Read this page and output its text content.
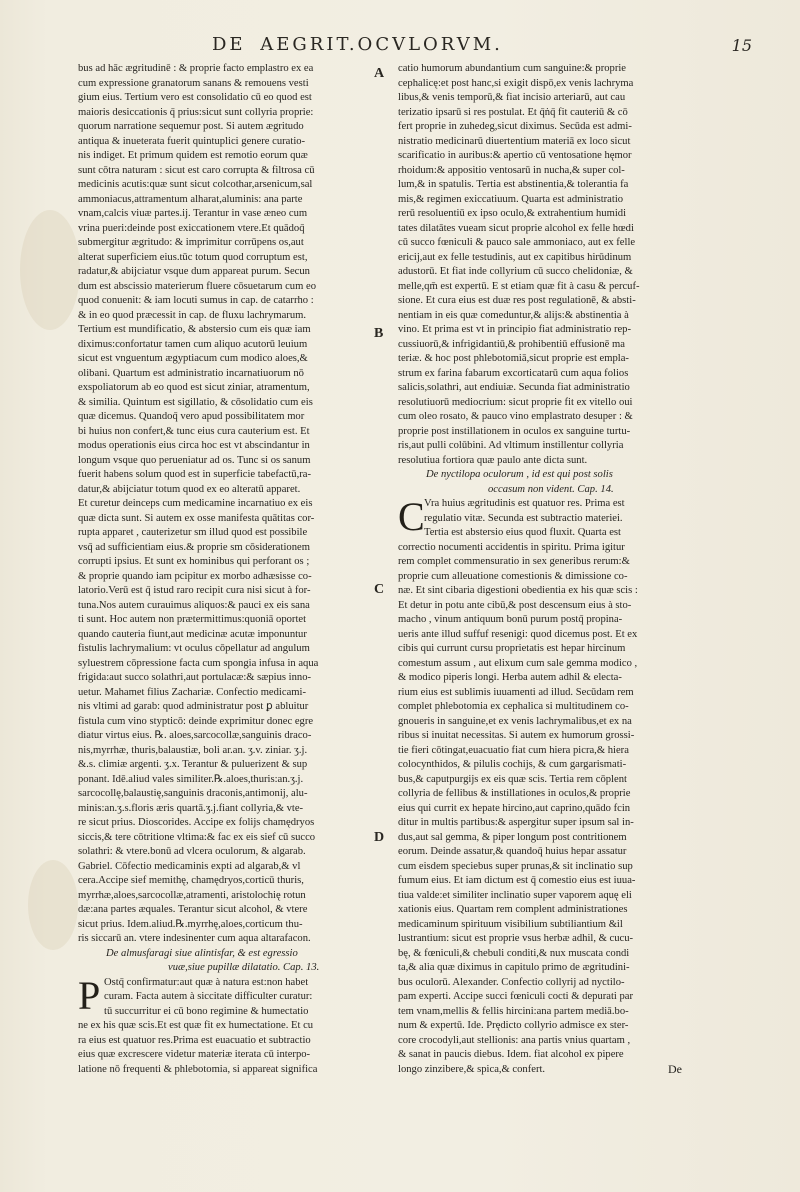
DE AEGRIT.OCVLORVM.	15
A
B
C
D
bus ad hāc ægritudinē : & proprie facto emplastro ex ea
cum expressione granatorum sanans & remouens vesti
gium eius. Tertium vero est consolidatio cū eo quod est
maioris desiccationis q̄ prius:sicut sunt collyria proprie:
quorum narratione sequemur post. Si autem ægritudo
antiqua & inueterata fuerit quintuplici genere curatio-
nis indiget. Et primum quidem est remotio eorum quæ
sunt cōtra naturam : sicut est caro corrupta & filtrosa cū
medicinis acutis:quæ sunt sicut colcothar,arsenicum,sal
ammoniacus,attramentum alharat,aluminis: ana parte
vnam,calcis viuæ partes.ij. Terantur in vase æneo cum
vrina pueri:deinde post exiccationem vtere.Et quādoq̄
submergitur ægritudo: & imprimitur corrūpens os,aut
alterat superficiem eius.tūc totum quod corruptum est,
radatur,& abijciatur vsque dum appareat purum. Secun
dum est abscissio materierum fluere cōsuetarum cum eo
quod conuenit: & iam locuti sumus in cap. de catarrho :
& in eo quod præcessit in cap. de fluxu lachrymarum.
Tertium est mundificatio, & abstersio cum eis quæ iam
diximus:confortatur tamen cum aliquo acutorū leuium
sicut est vnguentum ægyptiacum cum modico aloes,&
olibani. Quartum est administratio incarnatiuorum nō
exspoliatorum ab eo quod est sicut ziniar, atramentum,
& similia. Quintum est sigillatio, & cōsolidatio cum eis
quæ dicemus. Quandoq̄ vero apud possibilitatem mor
bi huius non confert,& tunc eius cura cauterium est. Et
modus operationis eius circa hoc est vt abscindantur in
longum vsque quo perueniatur ad os. Tunc si os sanum
fuerit habens solum quod est in superficie tabefactū,ra-
datur,& abijciatur totum quod ex eo alteratū apparet.
Et curetur deinceps cum medicamine incarnatiuo ex eis
quæ dicta sunt. Si autem ex osse manifesta quātitas cor-
rupta apparet , cauterizetur sm illud quod est possibile
vsq̄ ad sufficientiam eius.& proprie sm cōsiderationem
corrupti ipsius. Et sunt ex hominibus qui perforant os ;
& proprie quando iam pcipitur ex morbo adhæsisse co-
latorio.Verū est q̄ istud raro recipit cura nisi sicut à for-
tuna.Nos autem curauimus aliquos:& pauci ex eis sana
ti sunt. Hoc autem non prætermittimus:quoniā oportet
quando cauteria fiunt,aut medicinæ acutæ imponuntur
fistulis lachrymalium: vt oculus cōpellatur ad angulum
syluestrem cōpressione facta cum spongia infusa in aqua
frigida:aut succo solathri,aut portulacæ:& sæpius inno-
uetur. Mahamet filius Zachariæ. Confectio medicami-
nis vltimi ad garab: quod administratur post ꝑ abluitur
fistula cum vino stypticō: deinde exprimitur donec egre
diatur virtus eius. ℞. aloes,sarcocollæ,sanguinis draco-
nis,myrrhæ, thuris,balaustiæ, boli ar.an. ʒ.v. ziniar. ʒ.j.
&.s. climiæ argenti. ʒ.x. Terantur & puluerizent & sup
ponant. Idē.aliud vales similiter.℞.aloes,thuris:an.ʒ.j.
sarcocollę,balaustię,sanguinis draconis,antimonij, alu-
minis:an.ʒ.s.floris æris quartā.ʒ.j.fiant collyria,& vte-
re sicut prius. Dioscorides. Accipe ex folijs chamędryos
siccis,& tere cōtritione vltima:& fac ex eis sief cū succo
solathri: & vtere.bonū ad vlcera oculorum, & algarab.
Gabriel. Cōfectio medicaminis expti ad algarab,& vl
cera.Accipe sief memithę, chamędryos,corticū thuris,
myrrhæ,aloes,sarcocollæ,atramenti, aristolochię rotun
dæ:ana partes æquales. Terantur sicut alcohol, & vtere
sicut prius. Idem.aliud.℞.myrrhę,aloes,corticum thu-
ris siccarū an. vtere indesinenter cum aqua altarafacon.
De almusfaragi siue alintisfar, & est egressio
vuæ,siue pupillæ dilatatio. Cap. 13.
P Ostq̄ confirmatur:aut quæ à natura est:non habet
curam. Facta autem à siccitate difficulter curatur:
tū succurritur ei cū bono regimine & humectatio
ne ex his quæ scis.Et est quæ fit ex humectatione. Et cu
ra eius est quatuor res.Prima est euacuatio et subtractio
eius quæ excrescere videtur materiæ iterata cū interpo-
latione nō frequenti & phlebotomia, si appareat significa
catio humorum abundantium cum sanguine:& proprie
cephalicę:et post hanc,si exigit dispō,ex venis lachryma
libus,& venis temporū,& fiat incisio arteriarū, aut cau
terizatio ipsarū si res postulat. Et q̄ṅq̄ fit cauteriū & cō
fert proprie in zuhedeg,sicut diximus. Secūda est admi-
nistratio medicinarū diuertentium materiā ex loco sicut
scarificatio in auribus:& apertio cū ventosatione hęmor
rhoidum:& appositio ventosarū in nucha,& super col-
lum,& in spatulis. Tertia est abstinentia,& tolerantia fa
mis,& regimen exiccatiuum. Quarta est administratio
rerū resoluentiū ex ipso oculo,& extrahentium humidi
tates dilatātes vueam sicut proprie alcohol ex felle hœdi
cū succo fœniculi & pauco sale ammoniaco, aut ex felle
ericij,aut ex felle testudinis, aut ex capitibus hirūdinum
adustorū. Et fiat inde collyrium cū succo chelidoniæ, &
melle,qm̄ est expertū. E st etiam quæ fit à casu & percuf-
sione. Et cura eius est duæ res post regulationē, & absti-
nentiam in eis quæ comeduntur,& alijs:& abstinentia à
vino. Et prima est vt in principio fiat administratio rep-
cussiuorū,& infrigidantiū,& prohibentiū effusionē ma
teriæ. & hoc post phlebotomiā,sicut proprie est empla-
strum ex farina fabarum excorticatarū cum aqua folios
salicis,solathri, aut endiuiæ. Secunda fiat administratio
resolutiuorū mediocrium: sicut proprie fit ex vitello oui
cum oleo rosato, & pauco vino emplastrato desuper : &
proprie post instillationem in oculos ex sanguine turtu-
ris,aut pulli colūbini. Ad vltimum instillentur collyria
resolutiua fortiora quæ paulo ante dicta sunt.
De nyctilopa oculorum , id est qui post solis
occasum non vident. Cap. 14.
C Vra huius ægritudinis est quatuor res. Prima est
regulatio vitæ. Secunda est subtractio materiei.
Tertia est abstersio eius quod fluxit. Quarta est
correctio nocumenti accidentis in spiritu. Prima igitur
rem complet commensuratio in sex generibus rerum:&
proprie cum alleuatione comestionis & dimissione co-
næ. Et sint cibaria digestioni obedientia ex his quæ scis :
Et detur in potu ante cibū,& post descensum eius à sto-
macho , vinum antiquum bonū purum postq̄ propina-
ueris ante illud suffuf resenigi: quod dicemus post. Et ex
cibis qui currunt cursu proprietatis est hepar hircinum
comestum assum , aut elixum cum sale gemma modico ,
& modico piperis longi. Herba autem adhil & electa-
rium eius est sublimis iuuamenti ad illud. Secūdam rem
complet phlebotomia ex cephalica si multitudinem co-
gnoueris in sanguine,et ex venis lachrymalibus,et ex na
ribus si inuitat necessitas. Si autem ex humorum grossi-
tie fieri cōtingat,euacuatio fiat cum hiera picra,& hiera
colocynthidos, & pilulis cochijs, & cum gargarismati-
bus,& caputpurgijs ex eis quæ scis. Tertia rem cōplent
collyria de fellibus & instillationes in oculos,& proprie
eius qui currit ex hepate hircino,aut caprino,quādo fcin
ditur in multis partibus:& aspergitur super ipsum sal in-
dus,aut sal gemma, & piper longum post contritionem
eorum. Deinde assatur,& quandoq̄ huius hepar assatur
cum eisdem speciebus super prunas,& sit inclinatio sup
fumum eius. Et iam dictum est q̄ comestio eius est iuua-
tiua valde:et similiter inclinatio super vaporem aquę eli
xationis eius. Quartam rem complent administrationes
medicaminum spirituum visibilium subtiliantium &il
lustrantium: sicut est proprie vsus herbæ adhil, & cucu-
bę, & fœniculi,& chebuli conditi,& nux muscata condi
ta,& alia quæ diximus in capitulo primo de ægritudini-
bus oculorū. Alexander. Confectio collyrij ad nyctilo-
pam experti. Accipe succi fœniculi cocti & depurati par
tem vnam,mellis & fellis hircini:ana partem mediā.bo-
num & expertū. Ide. Prędicto collyrio admisce ex ster-
core crocodyli,aut stellionis: ana partis vnius quartam ,
& sanat in paucis diebus. Idem. fiat alcohol ex pipere
longo zinzibere,& spica,& confert.	De
